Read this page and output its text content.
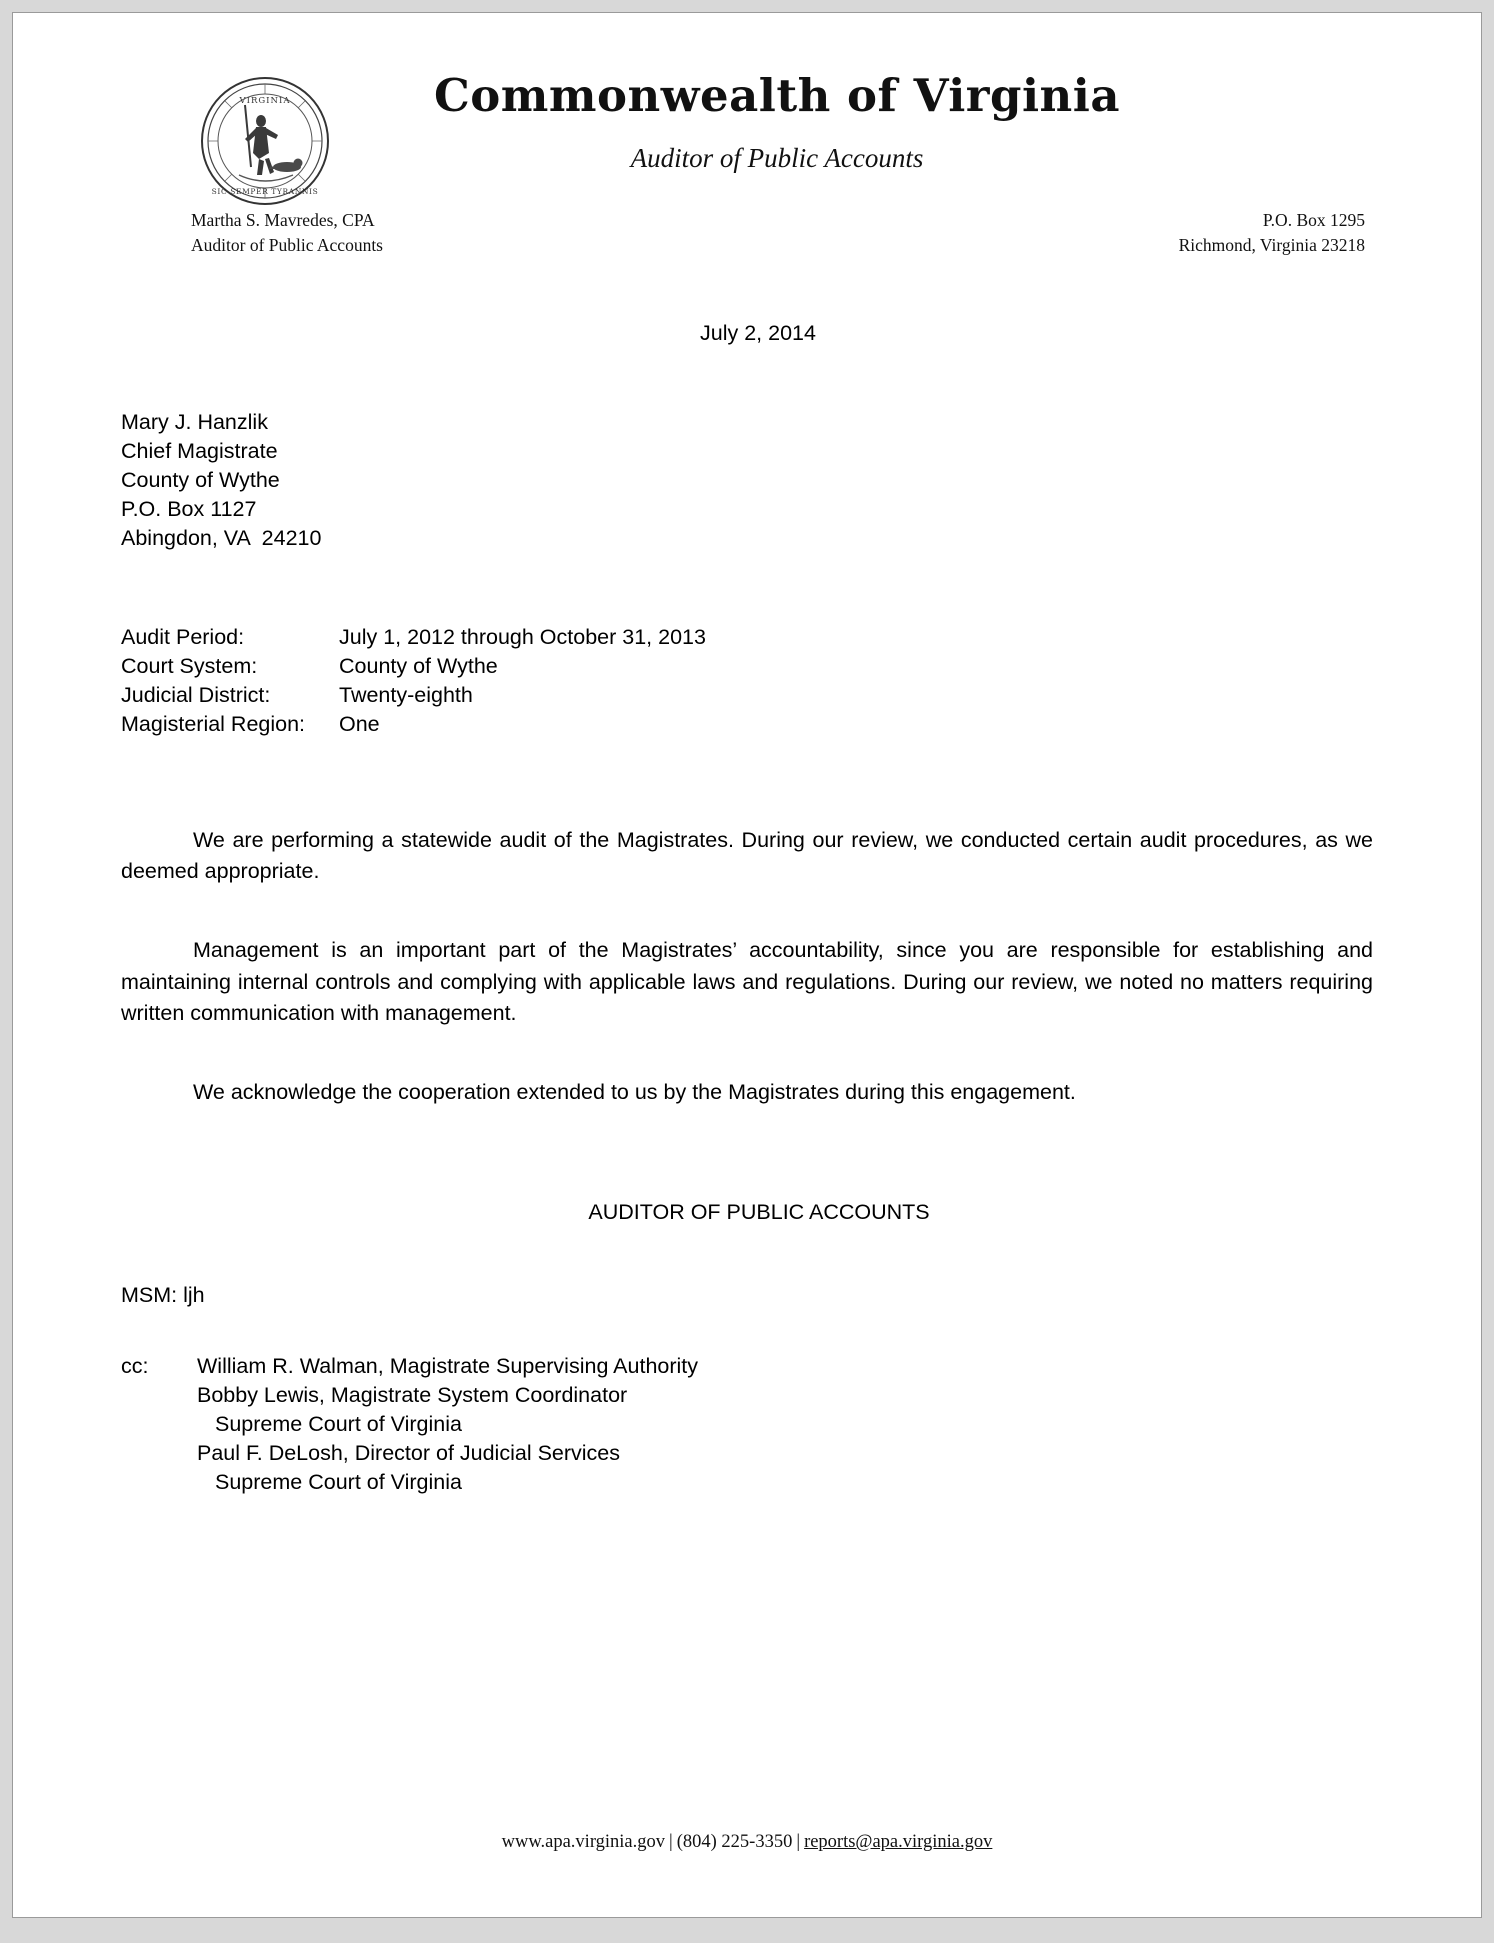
VIRGINIA
SIC SEMPER TYRANNIS
Commonwealth of Virginia
Auditor of Public Accounts
Martha S. Mavredes, CPA
Auditor of Public Accounts
P.O. Box 1295
Richmond, Virginia 23218
July 2, 2014
Mary J. Hanzlik
Chief Magistrate
County of Wythe
P.O. Box 1127
Abingdon, VA  24210
Audit Period:	July 1, 2012 through October 31, 2013
Court System:	County of Wythe
Judicial District:	Twenty-eighth
Magisterial Region:	One
We are performing a statewide audit of the Magistrates. During our review, we conducted certain audit procedures, as we deemed appropriate.
Management is an important part of the Magistrates’ accountability, since you are responsible for establishing and maintaining internal controls and complying with applicable laws and regulations. During our review, we noted no matters requiring written communication with management.
We acknowledge the cooperation extended to us by the Magistrates during this engagement.
AUDITOR OF PUBLIC ACCOUNTS
MSM: ljh
cc:	William R. Walman, Magistrate Supervising Authority
Bobby Lewis, Magistrate System Coordinator
Supreme Court of Virginia
Paul F. DeLosh, Director of Judicial Services
Supreme Court of Virginia
www.apa.virginia.gov | (804) 225-3350 | reports@apa.virginia.gov
